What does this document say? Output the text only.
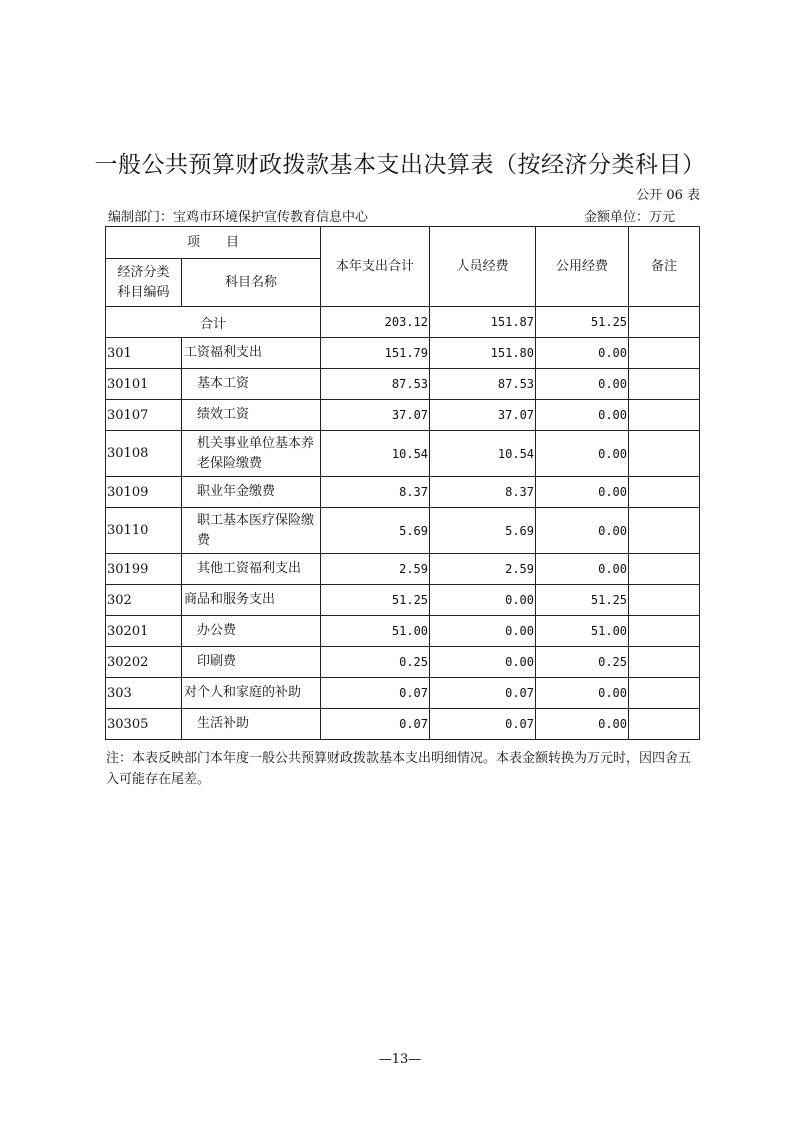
一般公共预算财政拨款基本支出决算表（按经济分类科目）
公开 06 表
编制部门：宝鸡市环境保护宣传教育信息中心	金额单位：万元
项　　目		本年支出合计	人员经费	公用经费	备注
经济分类科目编码	科目名称				
合计		203.12	151.87	51.25	
301	工资福利支出	151.79	151.80	0.00	
30101	基本工资	87.53	87.53	0.00	
30107	绩效工资	37.07	37.07	0.00	
30108	机关事业单位基本养老保险缴费	10.54	10.54	0.00	
30109	职业年金缴费	8.37	8.37	0.00	
30110	职工基本医疗保险缴费	5.69	5.69	0.00	
30199	其他工资福利支出	2.59	2.59	0.00	
302	商品和服务支出	51.25	0.00	51.25	
30201	办公费	51.00	0.00	51.00	
30202	印刷费	0.25	0.00	0.25	
303	对个人和家庭的补助	0.07	0.07	0.00	
30305	生活补助	0.07	0.07	0.00	
注：本表反映部门本年度一般公共预算财政拨款基本支出明细情况。本表金额转换为万元时，因四舍五入可能存在尾差。
—13—
